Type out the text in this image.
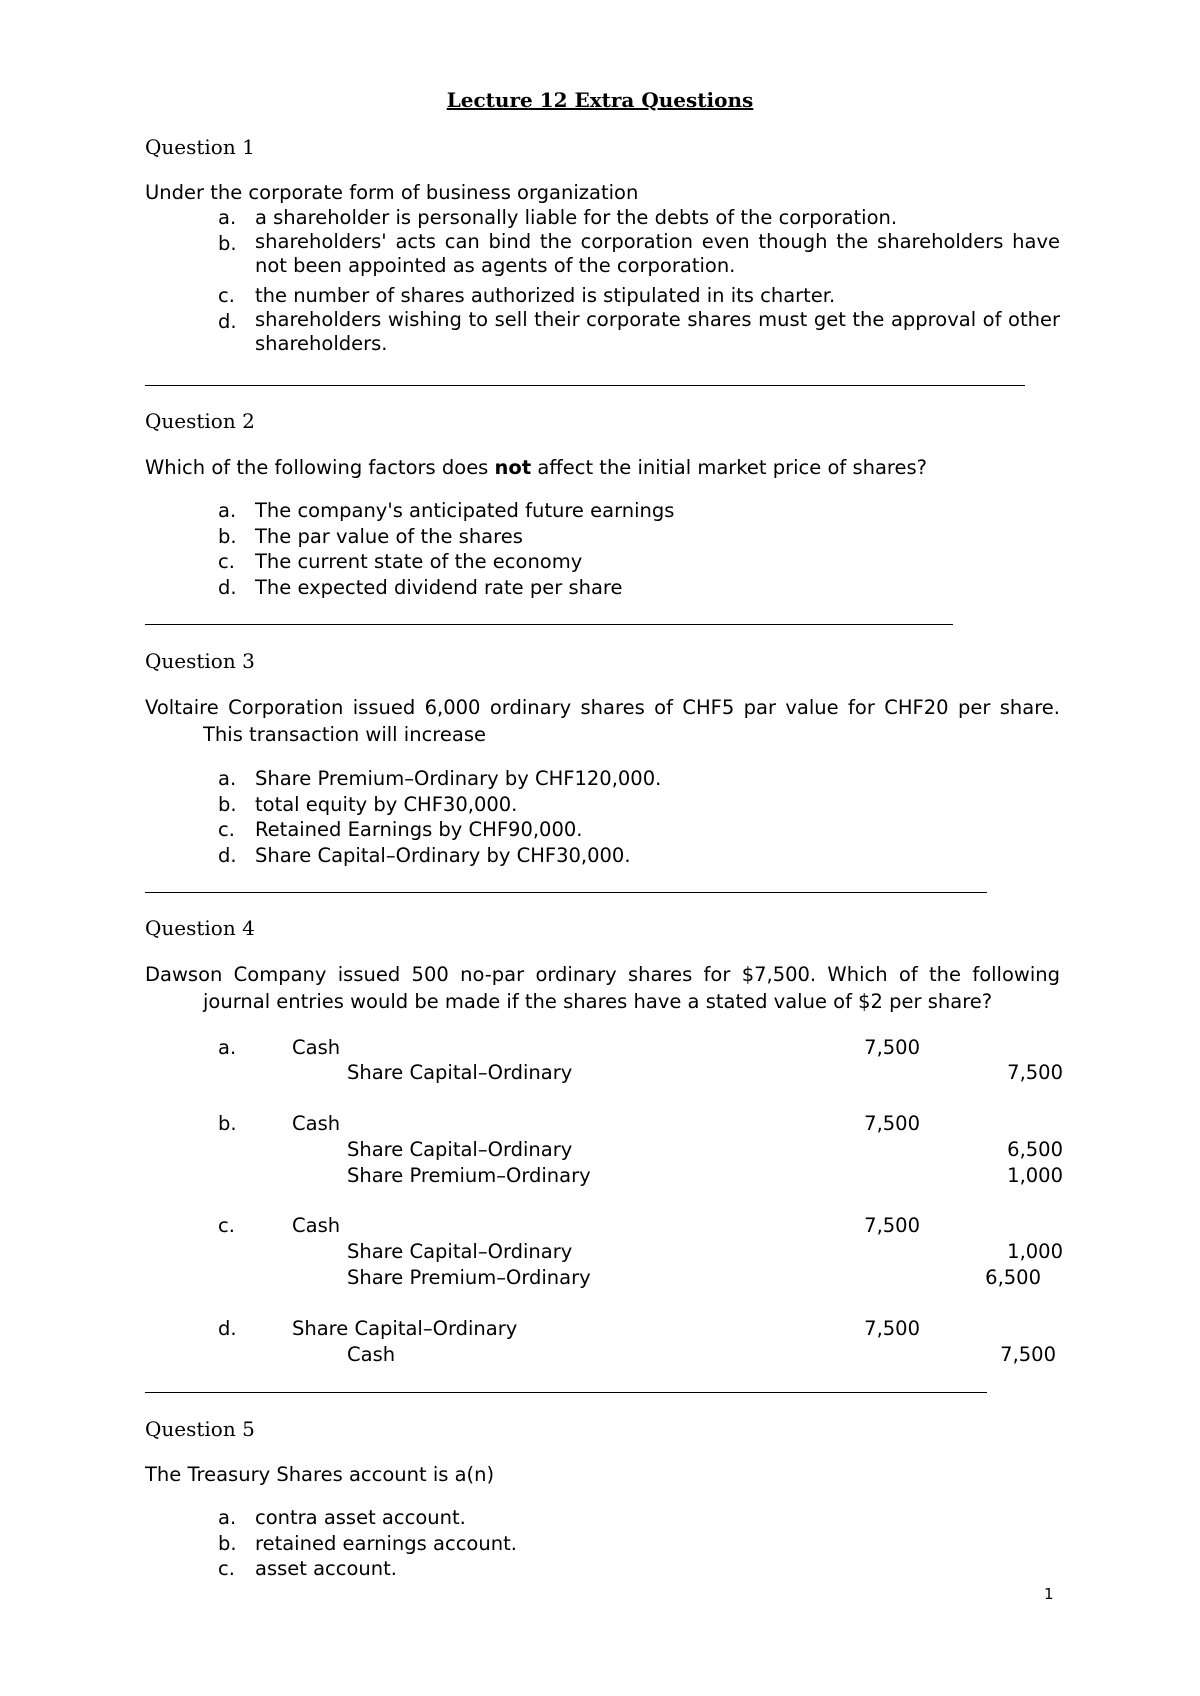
Lecture 12 Extra Questions
Question 1
Under the corporate form of business organization
a. a shareholder is personally liable for the debts of the corporation.
b. shareholders' acts can bind the corporation even though the shareholders have not been appointed as agents of the corporation.
c. the number of shares authorized is stipulated in its charter.
d. shareholders wishing to sell their corporate shares must get the approval of other shareholders.
Question 2
Which of the following factors does not affect the initial market price of shares?
a. The company's anticipated future earnings
b. The par value of the shares
c. The current state of the economy
d. The expected dividend rate per share
Question 3
Voltaire Corporation issued 6,000 ordinary shares of CHF5 par value for CHF20 per share.
This transaction will increase
a. Share Premium–Ordinary by CHF120,000.
b. total equity by CHF30,000.
c. Retained Earnings by CHF90,000.
d. Share Capital–Ordinary by CHF30,000.
Question 4
Dawson Company issued 500 no-par ordinary shares for $7,500. Which of the following
journal entries would be made if the shares have a stated value of $2 per share?
a.	Cash	7,500
Share Capital–Ordinary	7,500
b.	Cash	7,500
Share Capital–Ordinary	6,500
Share Premium–Ordinary	1,000
c.	Cash	7,500
Share Capital–Ordinary	1,000
Share Premium–Ordinary	6,500
d.	Share Capital–Ordinary	7,500
Cash	7,500
Question 5
The Treasury Shares account is a(n)
a. contra asset account.
b. retained earnings account.
c. asset account.
1
